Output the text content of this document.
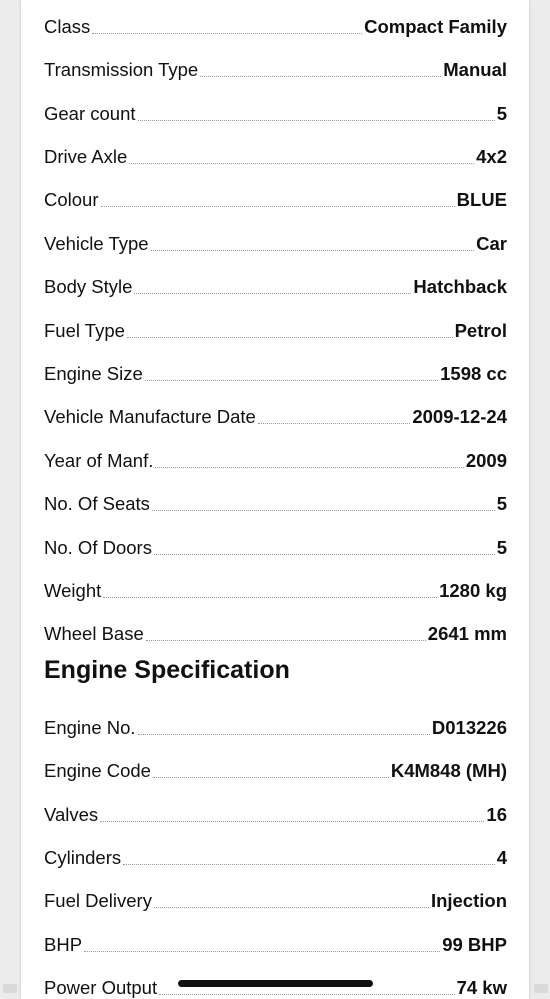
Class	Compact Family
Transmission Type	Manual
Gear count	5
Drive Axle	4x2
Colour	BLUE
Vehicle Type	Car
Body Style	Hatchback
Fuel Type	Petrol
Engine Size	1598 cc
Vehicle Manufacture Date	2009-12-24
Year of Manf.	2009
No. Of Seats	5
No. Of Doors	5
Weight	1280 kg
Wheel Base	2641 mm
Engine No.	D013226
Engine Code	K4M848 (MH)
Valves	16
Cylinders	4
Fuel Delivery	Injection
BHP	99 BHP
Power Output	74 kw
Engine Specification
